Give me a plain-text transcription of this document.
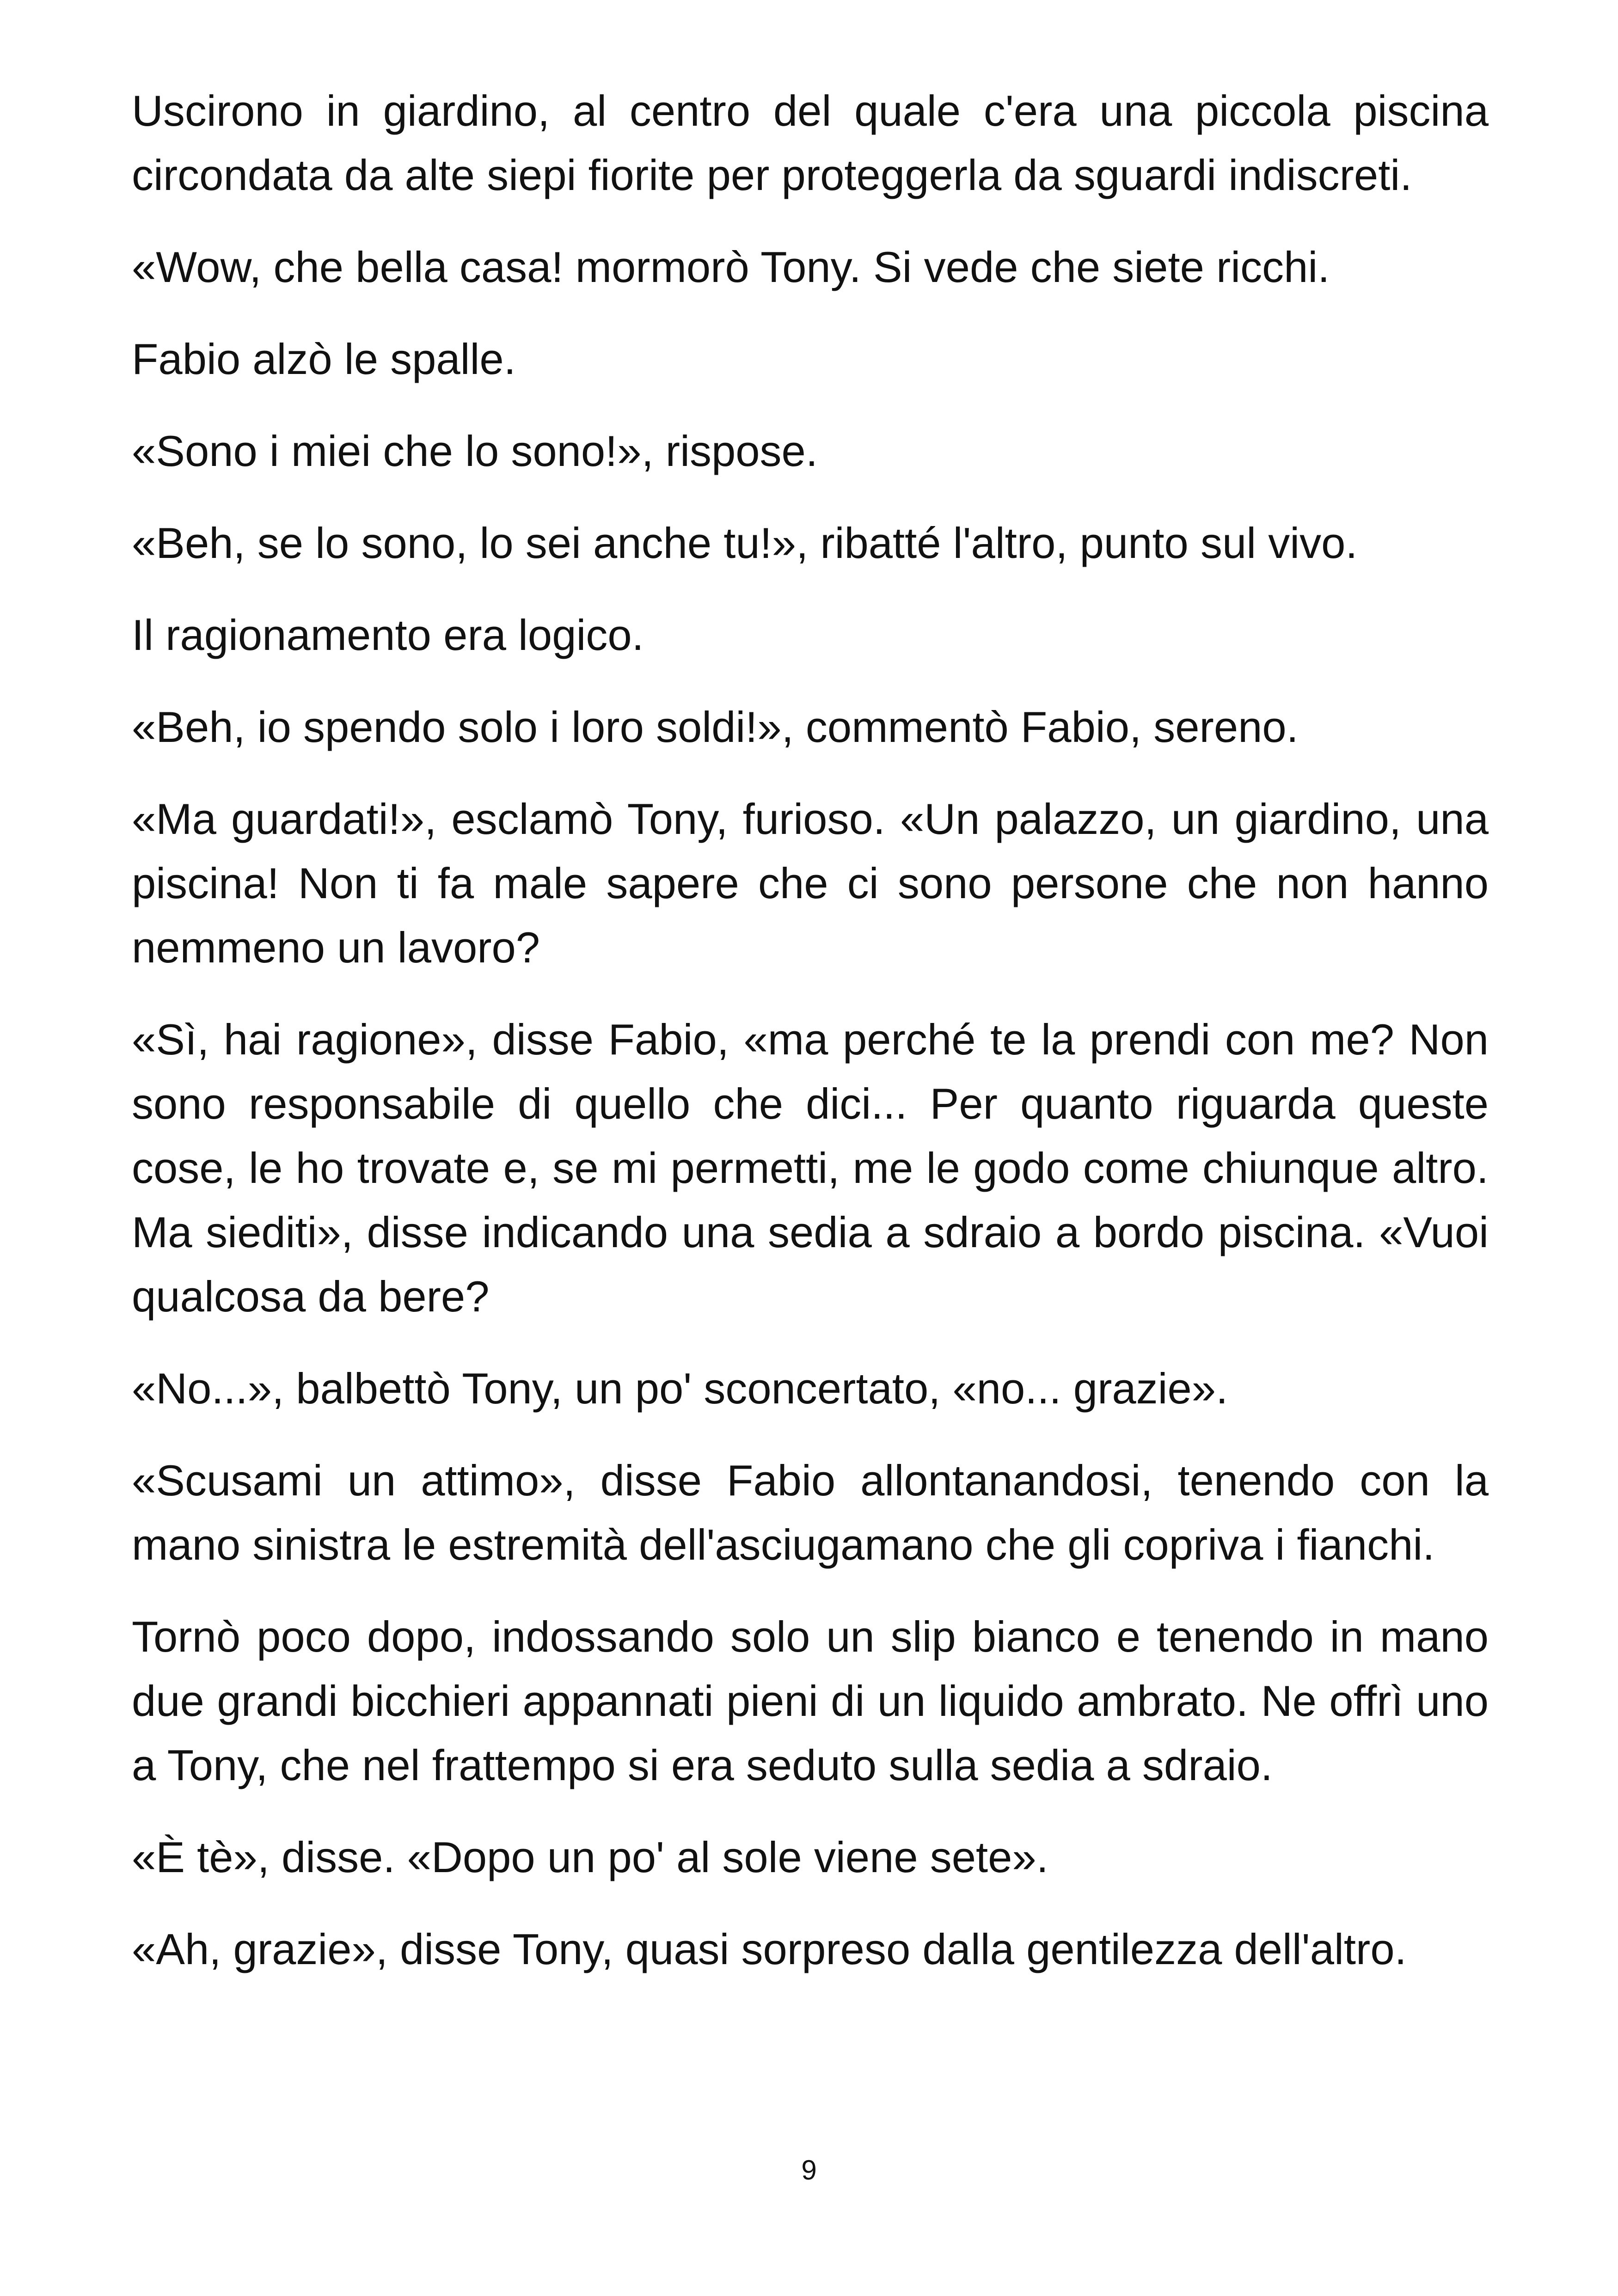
Uscirono in giardino, al centro del quale c'era una piccola piscina circondata da alte siepi fiorite per proteggerla da sguardi indiscreti.

«Wow, che bella casa! mormorò Tony. Si vede che siete ricchi.

Fabio alzò le spalle.

«Sono i miei che lo sono!», rispose.

«Beh, se lo sono, lo sei anche tu!», ribatté l'altro, punto sul vivo.

Il ragionamento era logico.

«Beh, io spendo solo i loro soldi!», commentò Fabio, sereno.

«Ma guardati!», esclamò Tony, furioso. «Un palazzo, un giardino, una piscina! Non ti fa male sapere che ci sono persone che non hanno nemmeno un lavoro?

«Sì, hai ragione», disse Fabio, «ma perché te la prendi con me? Non sono responsabile di quello che dici... Per quanto riguarda queste cose, le ho trovate e, se mi permetti, me le godo come chiunque altro. Ma siediti», disse indicando una sedia a sdraio a bordo piscina. «Vuoi qualcosa da bere?

«No...», balbettò Tony, un po' sconcertato, «no... grazie».

«Scusami un attimo», disse Fabio allontanandosi, tenendo con la mano sinistra le estremità dell'asciugamano che gli copriva i fianchi.

Tornò poco dopo, indossando solo un slip bianco e tenendo in mano due grandi bicchieri appannati pieni di un liquido ambrato. Ne offrì uno a Tony, che nel frattempo si era seduto sulla sedia a sdraio.

«È tè», disse. «Dopo un po' al sole viene sete».

«Ah, grazie», disse Tony, quasi sorpreso dalla gentilezza dell'altro.

9
